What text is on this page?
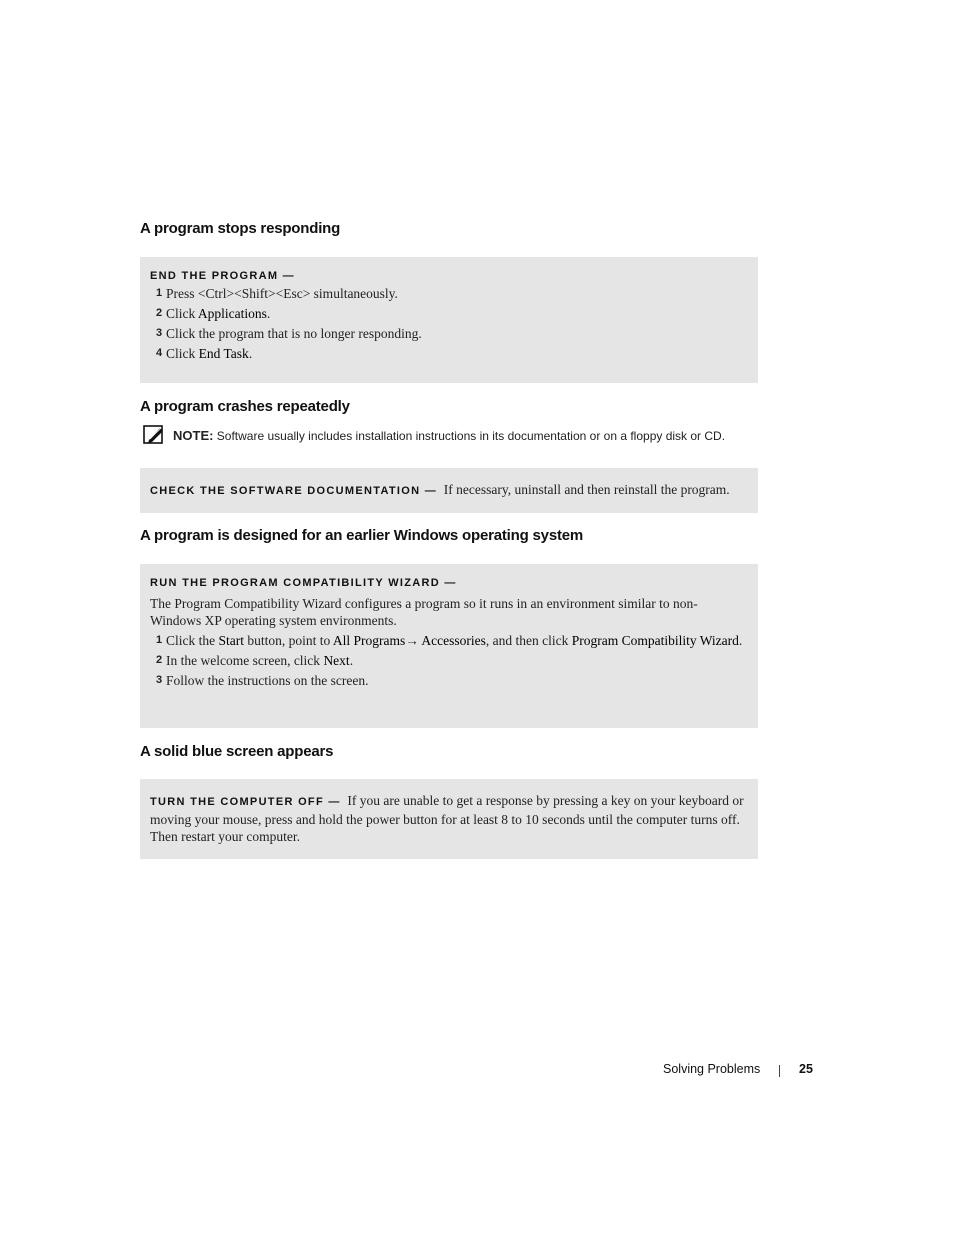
A program stops responding
END THE PROGRAM —
1 Press <Ctrl><Shift><Esc> simultaneously.
2 Click Applications.
3 Click the program that is no longer responding.
4 Click End Task.
A program crashes repeatedly
NOTE: Software usually includes installation instructions in its documentation or on a floppy disk or CD.
CHECK THE SOFTWARE DOCUMENTATION — If necessary, uninstall and then reinstall the program.
A program is designed for an earlier Windows operating system
RUN THE PROGRAM COMPATIBILITY WIZARD —
The Program Compatibility Wizard configures a program so it runs in an environment similar to non-Windows XP operating system environments.
1 Click the Start button, point to All Programs→ Accessories, and then click Program Compatibility Wizard.
2 In the welcome screen, click Next.
3 Follow the instructions on the screen.
A solid blue screen appears
TURN THE COMPUTER OFF — If you are unable to get a response by pressing a key on your keyboard or moving your mouse, press and hold the power button for at least 8 to 10 seconds until the computer turns off. Then restart your computer.
Solving Problems	25
